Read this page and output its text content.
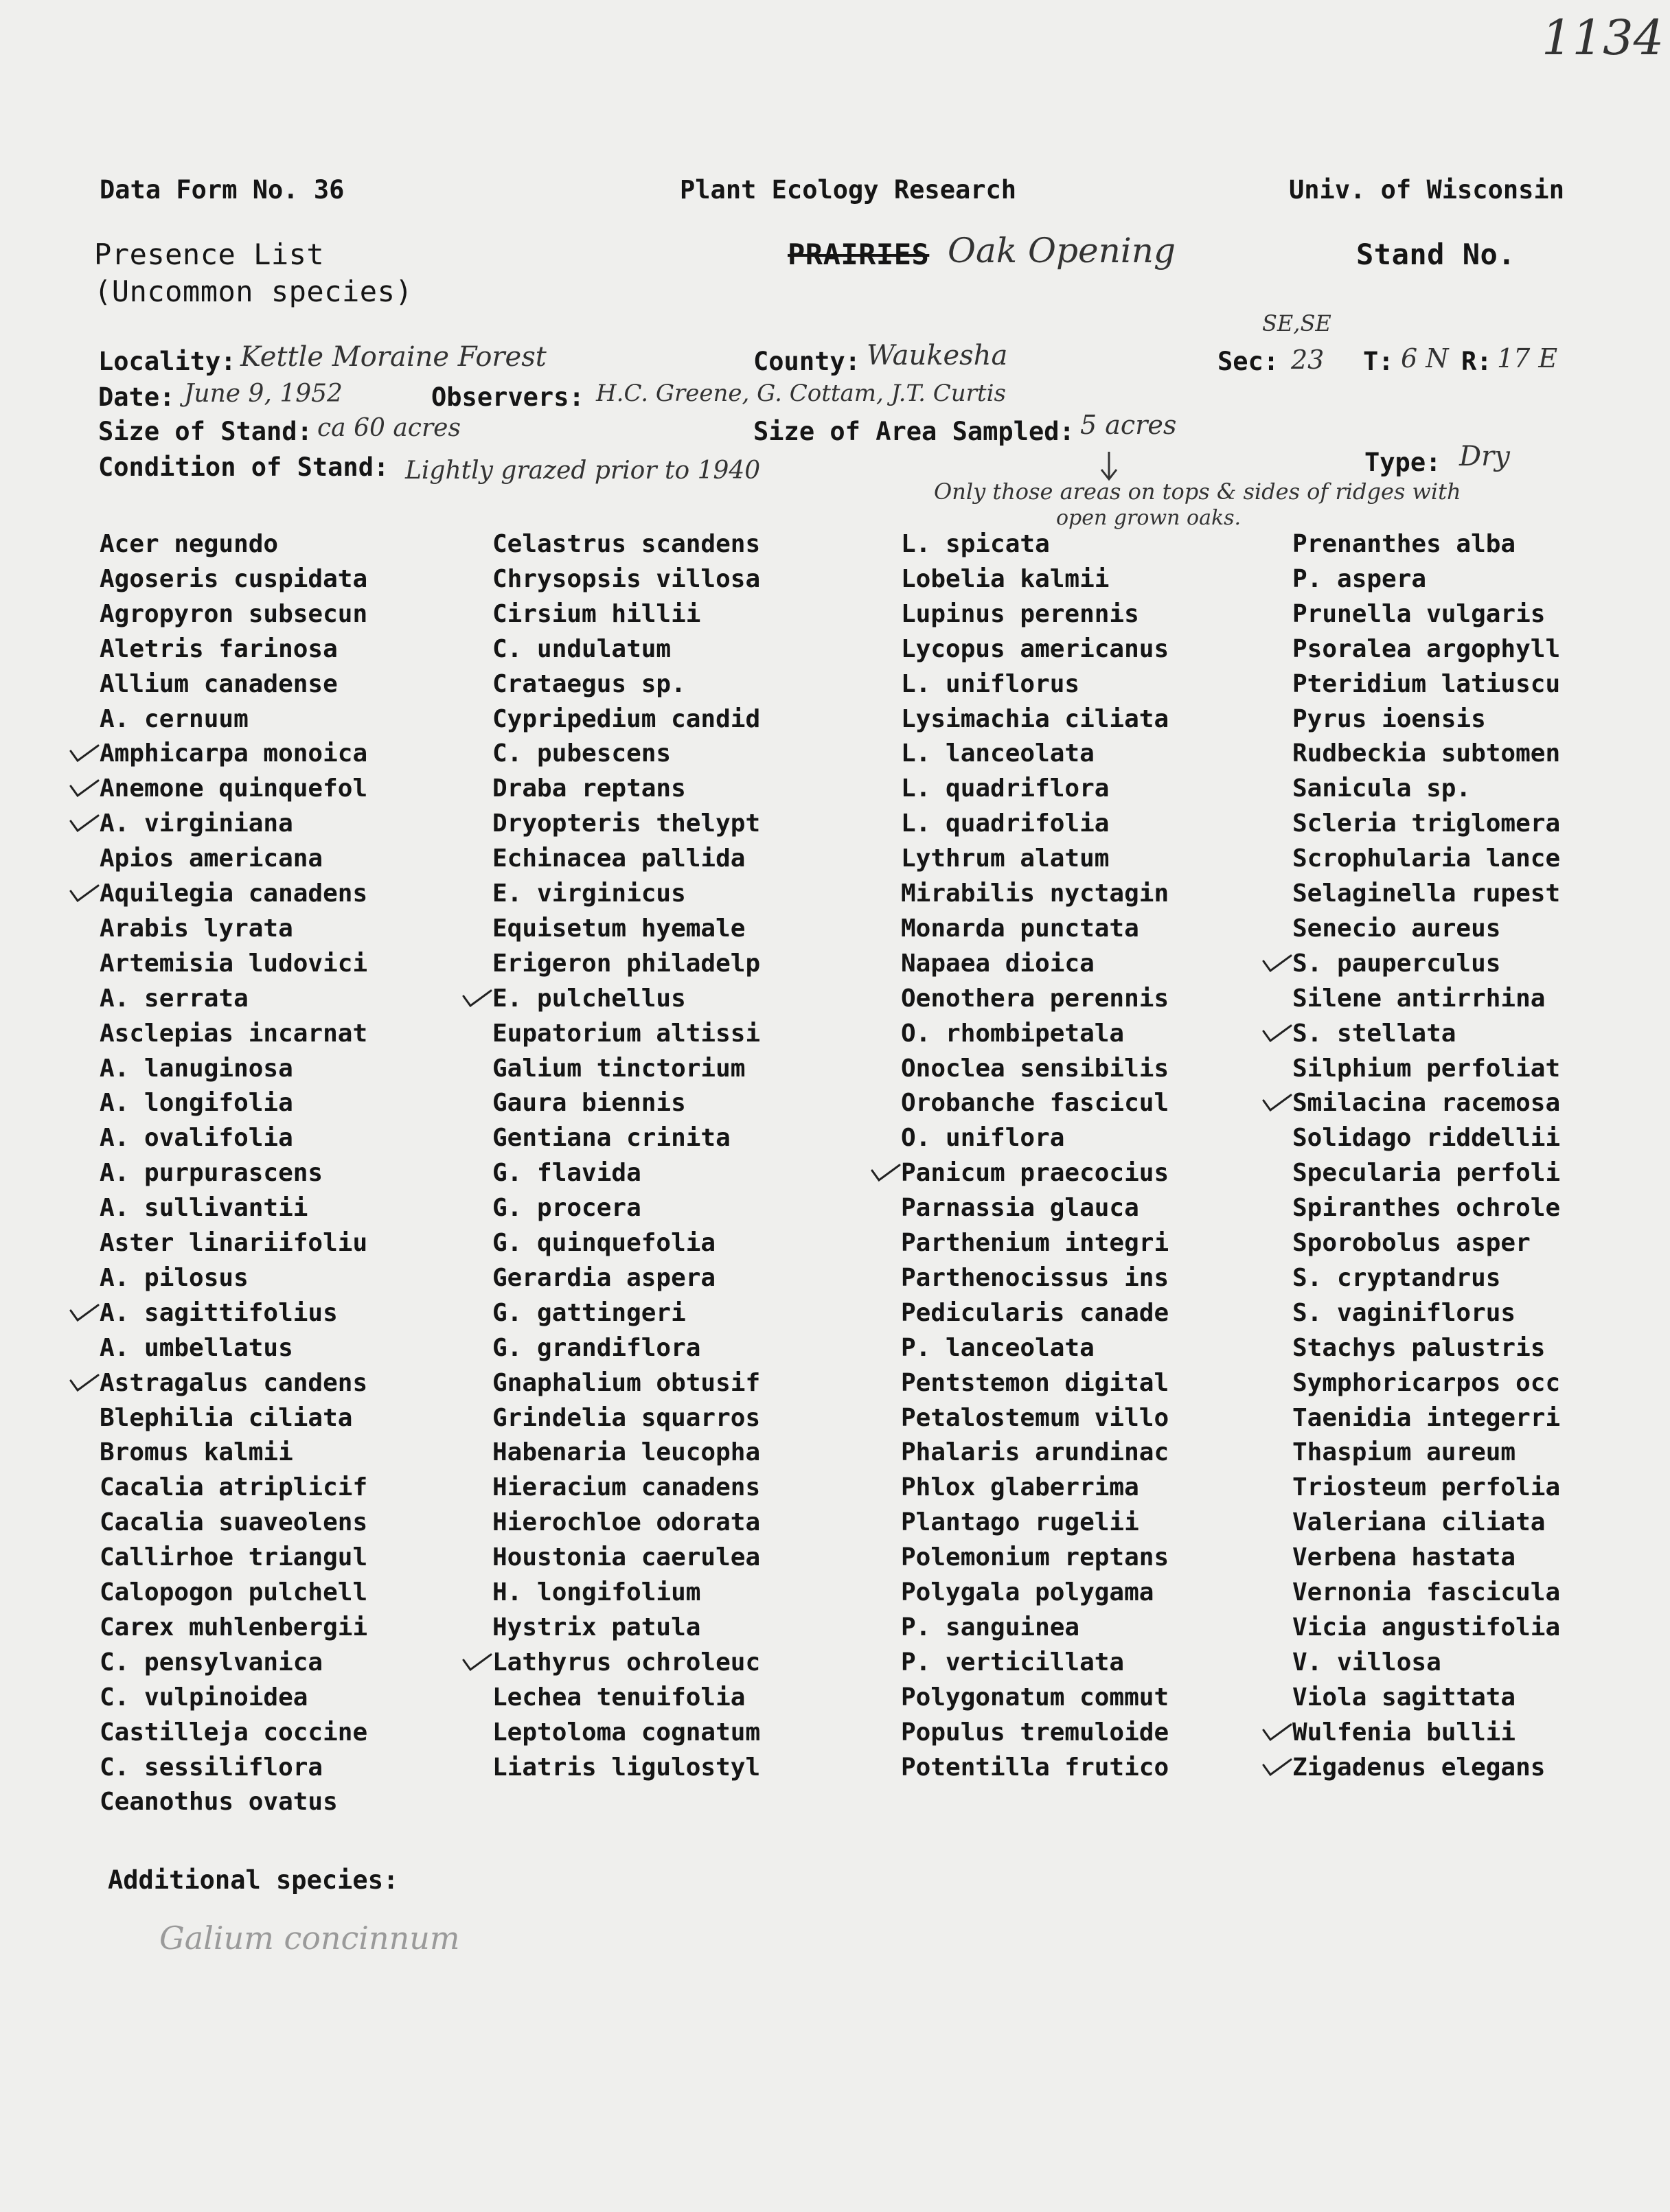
1134
Data Form No. 36	Plant Ecology Research	Univ. of Wisconsin
Presence List
(Uncommon species)
PRAIRIES Oak Opening	Stand No.
Locality: Kettle Moraine Forest	County: Waukesha
SE,SE
Sec: 23 T: 6 N R: 17 E
Date: June 9, 1952	Observers: H.C. Greene, G. Cottam, J.T. Curtis
Size of Stand: ca 60 acres	Size of Area Sampled: 5 acres
Condition of Stand: Lightly grazed prior to 1940	Type: Dry
Only those areas on tops & sides of ridges with
open grown oaks.
Acer negundo
Agoseris cuspidata
Agropyron subsecun
Aletris farinosa
Allium canadense
A. cernuum
Amphicarpa monoica
Anemone quinquefol
A. virginiana
Apios americana
Aquilegia canadens
Arabis lyrata
Artemisia ludovici
A. serrata
Asclepias incarnat
A. lanuginosa
A. longifolia
A. ovalifolia
A. purpurascens
A. sullivantii
Aster linariifoliu
A. pilosus
A. sagittifolius
A. umbellatus
Astragalus candens
Blephilia ciliata
Bromus kalmii
Cacalia atriplicif
Cacalia suaveolens
Callirhoe triangul
Calopogon pulchell
Carex muhlenbergii
C. pensylvanica
C. vulpinoidea
Castilleja coccine
C. sessiliflora
Ceanothus ovatus
Celastrus scandens
Chrysopsis villosa
Cirsium hillii
C. undulatum
Crataegus sp.
Cypripedium candid
C. pubescens
Draba reptans
Dryopteris thelypt
Echinacea pallida
E. virginicus
Equisetum hyemale
Erigeron philadelp
E. pulchellus
Eupatorium altissi
Galium tinctorium
Gaura biennis
Gentiana crinita
G. flavida
G. procera
G. quinquefolia
Gerardia aspera
G. gattingeri
G. grandiflora
Gnaphalium obtusif
Grindelia squarros
Habenaria leucopha
Hieracium canadens
Hierochloe odorata
Houstonia caerulea
H. longifolium
Hystrix patula
Lathyrus ochroleuc
Lechea tenuifolia
Leptoloma cognatum
Liatris ligulostyl
L. spicata
Lobelia kalmii
Lupinus perennis
Lycopus americanus
L. uniflorus
Lysimachia ciliata
L. lanceolata
L. quadriflora
L. quadrifolia
Lythrum alatum
Mirabilis nyctagin
Monarda punctata
Napaea dioica
Oenothera perennis
O. rhombipetala
Onoclea sensibilis
Orobanche fascicul
O. uniflora
Panicum praecocius
Parnassia glauca
Parthenium integri
Parthenocissus ins
Pedicularis canade
P. lanceolata
Pentstemon digital
Petalostemum villo
Phalaris arundinac
Phlox glaberrima
Plantago rugelii
Polemonium reptans
Polygala polygama
P. sanguinea
P. verticillata
Polygonatum commut
Populus tremuloide
Potentilla frutico
Prenanthes alba
P. aspera
Prunella vulgaris
Psoralea argophyll
Pteridium latiuscu
Pyrus ioensis
Rudbeckia subtomen
Sanicula sp.
Scleria triglomera
Scrophularia lance
Selaginella rupest
Senecio aureus
S. pauperculus
Silene antirrhina
S. stellata
Silphium perfoliat
Smilacina racemosa
Solidago riddellii
Specularia perfoli
Spiranthes ochrole
Sporobolus asper
S. cryptandrus
S. vaginiflorus
Stachys palustris
Symphoricarpos occ
Taenidia integerri
Thaspium aureum
Triosteum perfolia
Valeriana ciliata
Verbena hastata
Vernonia fascicula
Vicia angustifolia
V. villosa
Viola sagittata
Wulfenia bullii
Zigadenus elegans
Additional species:
Galium concinnum
